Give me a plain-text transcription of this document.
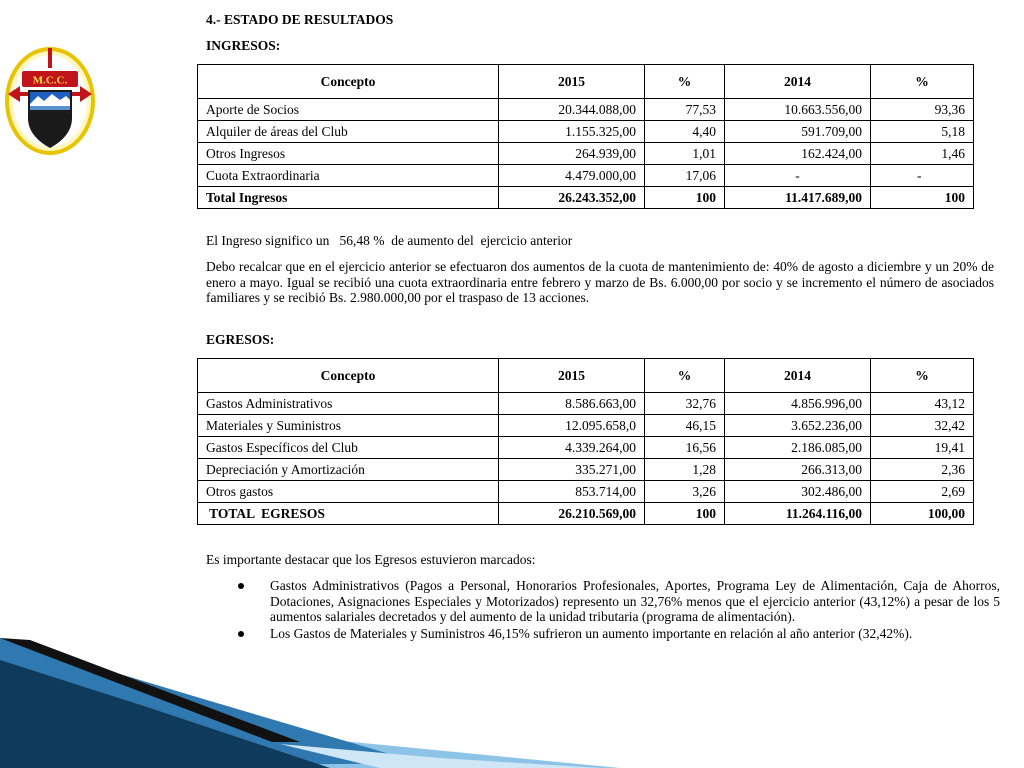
M.C.C.
4.- ESTADO DE RESULTADOS
INGRESOS:
Concepto	2015	%	2014	%
Aporte de Socios	20.344.088,00	77,53	10.663.556,00	93,36
Alquiler de áreas del Club	1.155.325,00	4,40	591.709,00	5,18
Otros Ingresos	264.939,00	1,01	162.424,00	1,46
Cuota Extraordinaria	4.479.000,00	17,06	-	-
Total Ingresos	26.243.352,00	100	11.417.689,00	100
El Ingreso significo un   56,48 %  de aumento del  ejercicio anterior
Debo recalcar que en el ejercicio anterior se efectuaron dos aumentos de la cuota de mantenimiento de: 40% de agosto a diciembre y un 20% de enero a mayo. Igual se recibió una cuota extraordinaria entre febrero y marzo de Bs. 6.000,00 por socio y se incremento el número de asociados familiares y se recibió Bs. 2.980.000,00 por el traspaso de 13 acciones.
EGRESOS:
Concepto	2015	%	2014	%
Gastos Administrativos	8.586.663,00	32,76	4.856.996,00	43,12
Materiales y Suministros	12.095.658,0	46,15	3.652.236,00	32,42
Gastos Específicos del Club	4.339.264,00	16,56	2.186.085,00	19,41
Depreciación y Amortización	335.271,00	1,28	266.313,00	2,36
Otros gastos	853.714,00	3,26	302.486,00	2,69
TOTAL  EGRESOS	26.210.569,00	100	11.264.116,00	100,00
Es importante destacar que los Egresos estuvieron marcados:
Gastos Administrativos (Pagos a Personal, Honorarios Profesionales, Aportes, Programa Ley de Alimentación, Caja de Ahorros, Dotaciones, Asignaciones Especiales y Motorizados) represento un 32,76% menos que el ejercicio anterior (43,12%) a pesar de los 5 aumentos salariales decretados y del aumento de la unidad tributaria (programa de alimentación).
Los Gastos de Materiales y Suministros 46,15% sufrieron un aumento importante en relación al año anterior (32,42%).
